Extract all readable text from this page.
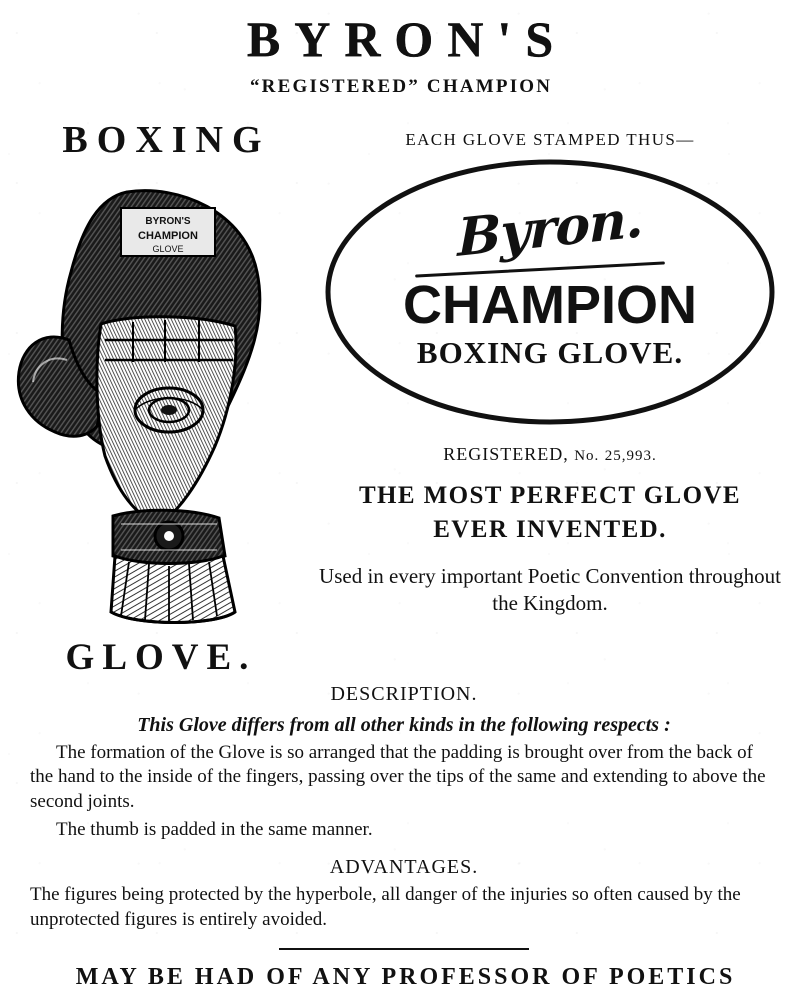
BYRON'S
“REGISTERED” CHAMPION
BOXING
BYRON'S
CHAMPION
GLOVE
GLOVE.
EACH GLOVE STAMPED THUS—
Byron.
CHAMPION
BOXING GLOVE.
REGISTERED, No. 25,993.
THE MOST PERFECT GLOVE EVER INVENTED.
Used in every important Poetic Convention throughout the Kingdom.
DESCRIPTION.
This Glove differs from all other kinds in the following respects :
The formation of the Glove is so arranged that the padding is brought over from the back of the hand to the inside of the fingers, passing over the tips of the same and extending to above the second joints.
The thumb is padded in the same manner.
ADVANTAGES.
The figures being protected by the hyperbole, all danger of the injuries so often caused by the unprotected figures is entirely avoided.
MAY BE HAD OF ANY PROFESSOR OF POETICS
